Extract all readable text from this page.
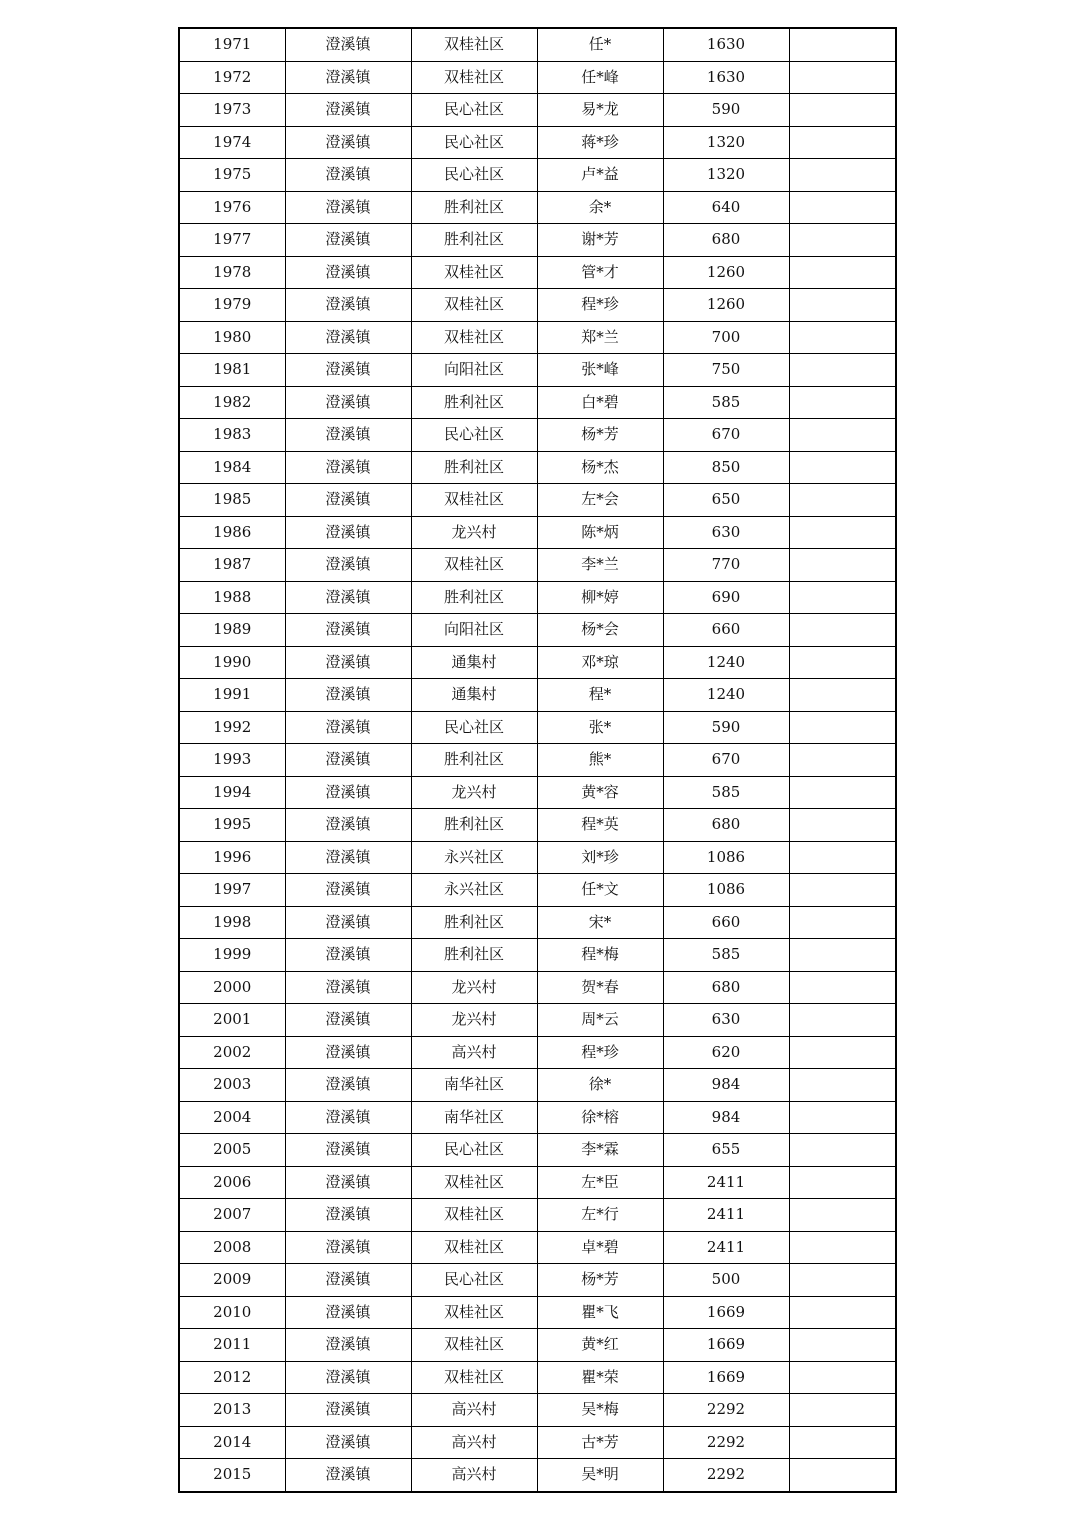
1971	澄溪镇	双桂社区	任*	1630	
1972	澄溪镇	双桂社区	任*峰	1630	
1973	澄溪镇	民心社区	易*龙	590	
1974	澄溪镇	民心社区	蒋*珍	1320	
1975	澄溪镇	民心社区	卢*益	1320	
1976	澄溪镇	胜利社区	余*	640	
1977	澄溪镇	胜利社区	谢*芳	680	
1978	澄溪镇	双桂社区	管*才	1260	
1979	澄溪镇	双桂社区	程*珍	1260	
1980	澄溪镇	双桂社区	郑*兰	700	
1981	澄溪镇	向阳社区	张*峰	750	
1982	澄溪镇	胜利社区	白*碧	585	
1983	澄溪镇	民心社区	杨*芳	670	
1984	澄溪镇	胜利社区	杨*杰	850	
1985	澄溪镇	双桂社区	左*会	650	
1986	澄溪镇	龙兴村	陈*炳	630	
1987	澄溪镇	双桂社区	李*兰	770	
1988	澄溪镇	胜利社区	柳*婷	690	
1989	澄溪镇	向阳社区	杨*会	660	
1990	澄溪镇	通集村	邓*琼	1240	
1991	澄溪镇	通集村	程*	1240	
1992	澄溪镇	民心社区	张*	590	
1993	澄溪镇	胜利社区	熊*	670	
1994	澄溪镇	龙兴村	黄*容	585	
1995	澄溪镇	胜利社区	程*英	680	
1996	澄溪镇	永兴社区	刘*珍	1086	
1997	澄溪镇	永兴社区	任*文	1086	
1998	澄溪镇	胜利社区	宋*	660	
1999	澄溪镇	胜利社区	程*梅	585	
2000	澄溪镇	龙兴村	贺*春	680	
2001	澄溪镇	龙兴村	周*云	630	
2002	澄溪镇	高兴村	程*珍	620	
2003	澄溪镇	南华社区	徐*	984	
2004	澄溪镇	南华社区	徐*榕	984	
2005	澄溪镇	民心社区	李*霖	655	
2006	澄溪镇	双桂社区	左*臣	2411	
2007	澄溪镇	双桂社区	左*行	2411	
2008	澄溪镇	双桂社区	卓*碧	2411	
2009	澄溪镇	民心社区	杨*芳	500	
2010	澄溪镇	双桂社区	瞿*飞	1669	
2011	澄溪镇	双桂社区	黄*红	1669	
2012	澄溪镇	双桂社区	瞿*荣	1669	
2013	澄溪镇	高兴村	吴*梅	2292	
2014	澄溪镇	高兴村	古*芳	2292	
2015	澄溪镇	高兴村	吴*明	2292	
